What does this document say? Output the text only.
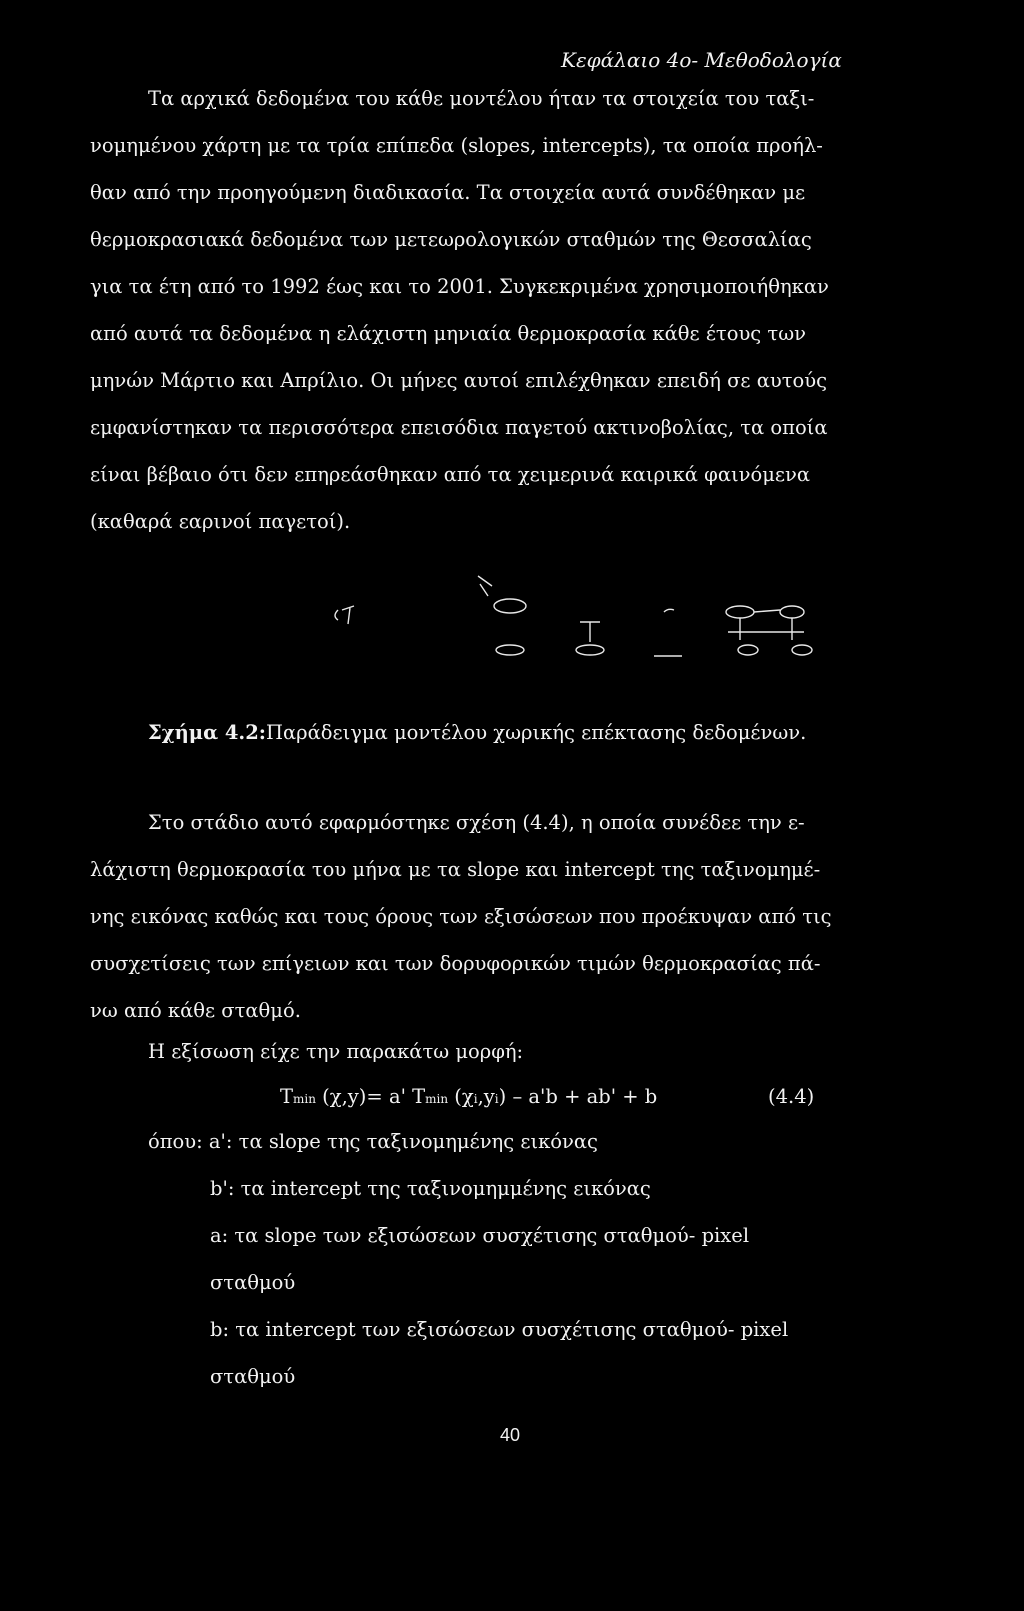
Κεφάλαιο 4ο- Μεθοδολογία
Τα αρχικά δεδομένα του κάθε μοντέλου ήταν τα στοιχεία του ταξι-
νομημένου χάρτη με τα τρία επίπεδα (slopes, intercepts), τα οποία προήλ-
θαν από την προηγούμενη διαδικασία. Τα στοιχεία αυτά συνδέθηκαν με
θερμοκρασιακά δεδομένα των μετεωρολογικών σταθμών της Θεσσαλίας
για τα έτη από το 1992 έως και το 2001. Συγκεκριμένα χρησιμοποιήθηκαν
από αυτά τα δεδομένα η ελάχιστη μηνιαία θερμοκρασία κάθε έτους των
μηνών Μάρτιο και Απρίλιο. Οι μήνες αυτοί επιλέχθηκαν επειδή σε αυτούς
εμφανίστηκαν τα περισσότερα επεισόδια παγετού ακτινοβολίας, τα οποία
είναι βέβαιο ότι δεν επηρεάσθηκαν από τα χειμερινά καιρικά φαινόμενα
(καθαρά εαρινοί παγετοί).
Σχήμα 4.2:Παράδειγμα μοντέλου χωρικής επέκτασης δεδομένων.
Στο στάδιο αυτό εφαρμόστηκε σχέση (4.4), η οποία συνέδεε την ε-
λάχιστη θερμοκρασία του μήνα με τα slope και intercept της ταξινομημέ-
νης εικόνας καθώς και τους όρους των εξισώσεων που προέκυψαν από τις
συσχετίσεις των επίγειων και των δορυφορικών τιμών θερμοκρασίας πά-
νω από κάθε σταθμό.
Η εξίσωση είχε την παρακάτω μορφή:
Tmin (χ,y)= a' Tmin (χi,yi) – a'b + ab' + b	(4.4)
όπου: a': τα slope της ταξινομημένης εικόνας
b': τα intercept της ταξινομημμένης εικόνας
a: τα slope των εξισώσεων συσχέτισης σταθμού- pixel
σταθμού
b: τα intercept των εξισώσεων συσχέτισης σταθμού- pixel
σταθμού
40
